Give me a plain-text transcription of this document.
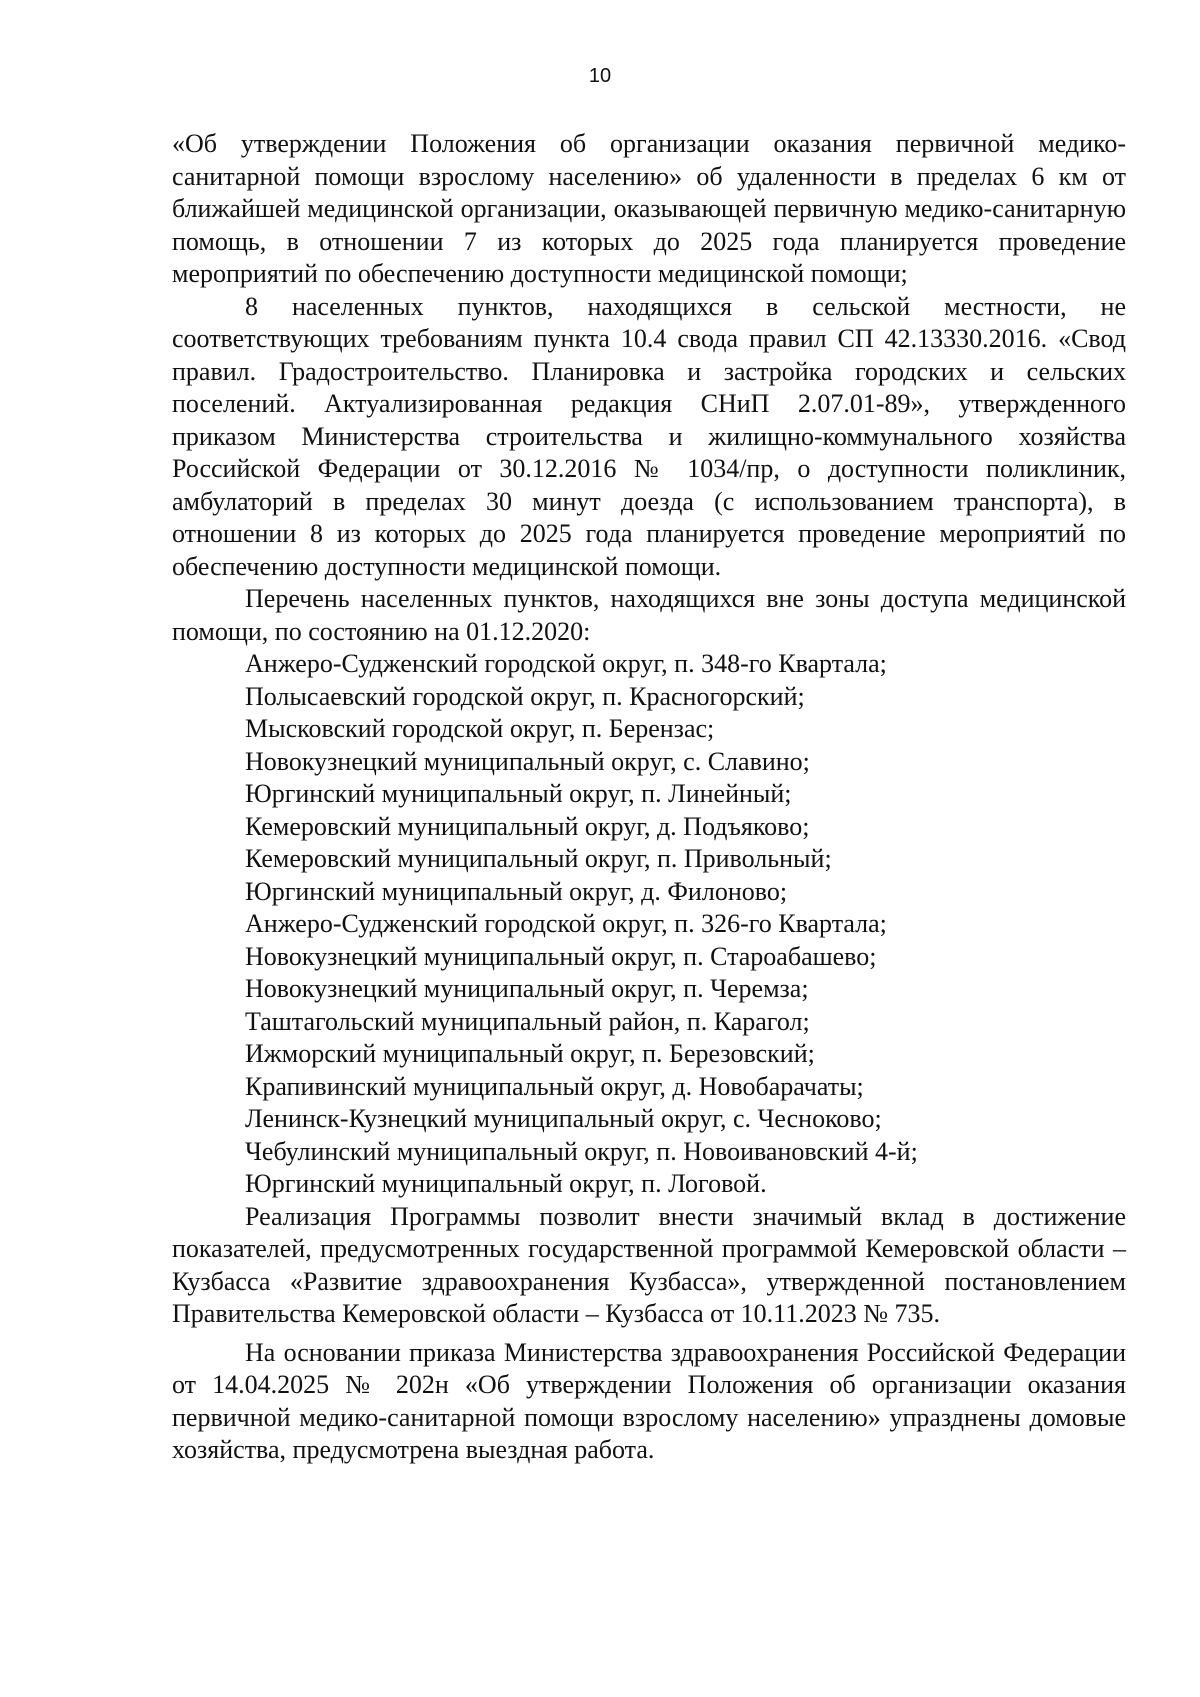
10

«Об утверждении Положения об организации оказания первичной медико-санитарной помощи взрослому населению» об удаленности в пределах 6 км от ближайшей медицинской организации, оказывающей первичную медико-санитарную помощь, в отношении 7 из которых до 2025 года планируется проведение мероприятий по обеспечению доступности медицинской помощи;

8 населенных пунктов, находящихся в сельской местности, не соответствующих требованиям пункта 10.4 свода правил СП 42.13330.2016. «Свод правил. Градостроительство. Планировка и застройка городских и сельских поселений. Актуализированная редакция СНиП 2.07.01-89», утвержденного приказом Министерства строительства и жилищно-коммунального хозяйства Российской Федерации от 30.12.2016 № 1034/пр, о доступности поликлиник, амбулаторий в пределах 30 минут доезда (с использованием транспорта), в отношении 8 из которых до 2025 года планируется проведение мероприятий по обеспечению доступности медицинской помощи.

Перечень населенных пунктов, находящихся вне зоны доступа медицинской помощи, по состоянию на 01.12.2020:

Анжеро-Судженский городской округ, п. 348-го Квартала;
Полысаевский городской округ, п. Красногорский;
Мысковский городской округ, п. Берензас;
Новокузнецкий муниципальный округ, с. Славино;
Юргинский муниципальный округ, п. Линейный;
Кемеровский муниципальный округ, д. Подъяково;
Кемеровский муниципальный округ, п. Привольный;
Юргинский муниципальный округ, д. Филоново;
Анжеро-Судженский городской округ, п. 326-го Квартала;
Новокузнецкий муниципальный округ, п. Староабашево;
Новокузнецкий муниципальный округ, п. Черемза;
Таштагольский муниципальный район, п. Карагол;
Ижморский муниципальный округ, п. Березовский;
Крапивинский муниципальный округ, д. Новобарачаты;
Ленинск-Кузнецкий муниципальный округ, с. Чесноково;
Чебулинский муниципальный округ, п. Новоивановский 4-й;
Юргинский муниципальный округ, п. Логовой.

Реализация Программы позволит внести значимый вклад в достижение показателей, предусмотренных государственной программой Кемеровской области – Кузбасса «Развитие здравоохранения Кузбасса», утвержденной постановлением Правительства Кемеровской области – Кузбасса от 10.11.2023 № 735.

На основании приказа Министерства здравоохранения Российской Федерации от 14.04.2025 № 202н «Об утверждении Положения об организации оказания первичной медико-санитарной помощи взрослому населению» упразднены домовые хозяйства, предусмотрена выездная работа.
